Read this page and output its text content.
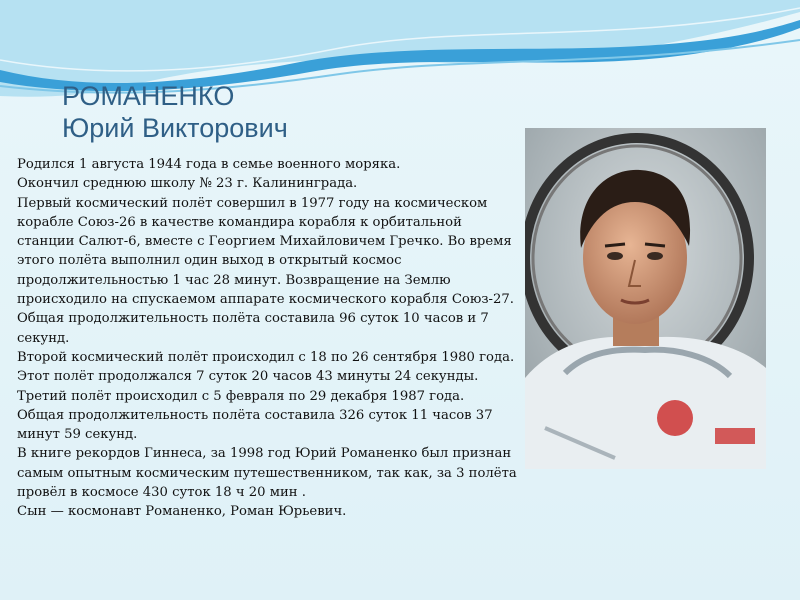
РОМАНЕНКО
Юрий Викторович

Родился 1 августа 1944 года в семье военного моряка.

Окончил среднюю школу № 23 г. Калининграда.

Первый космический полёт совершил в 1977 году на космическом корабле Союз-26 в качестве командира корабля к орбитальной станции Салют-6, вместе с Георгием Михайловичем Гречко. Во время этого полёта выполнил один выход в открытый космос продолжительностью 1 час 28 минут. Возвращение на Землю происходило на спускаемом аппарате космического корабля Союз-27. Общая продолжительность полёта составила 96 суток 10 часов и 7 секунд.

Второй космический полёт происходил с 18 по 26 сентября 1980 года. Этот полёт продолжался 7 суток 20 часов 43 минуты 24 секунды.

Третий полёт происходил с 5 февраля по 29 декабря 1987 года.

Общая продолжительность полёта составила 326 суток 11 часов 37 минут 59 секунд.

В книге рекордов Гиннеса, за 1998 год Юрий Романенко был признан самым опытным космическим путешественником, так как, за 3 полёта провёл в космосе 430 суток 18 ч 20 мин .

Сын — космонавт Романенко, Роман Юрьевич.
